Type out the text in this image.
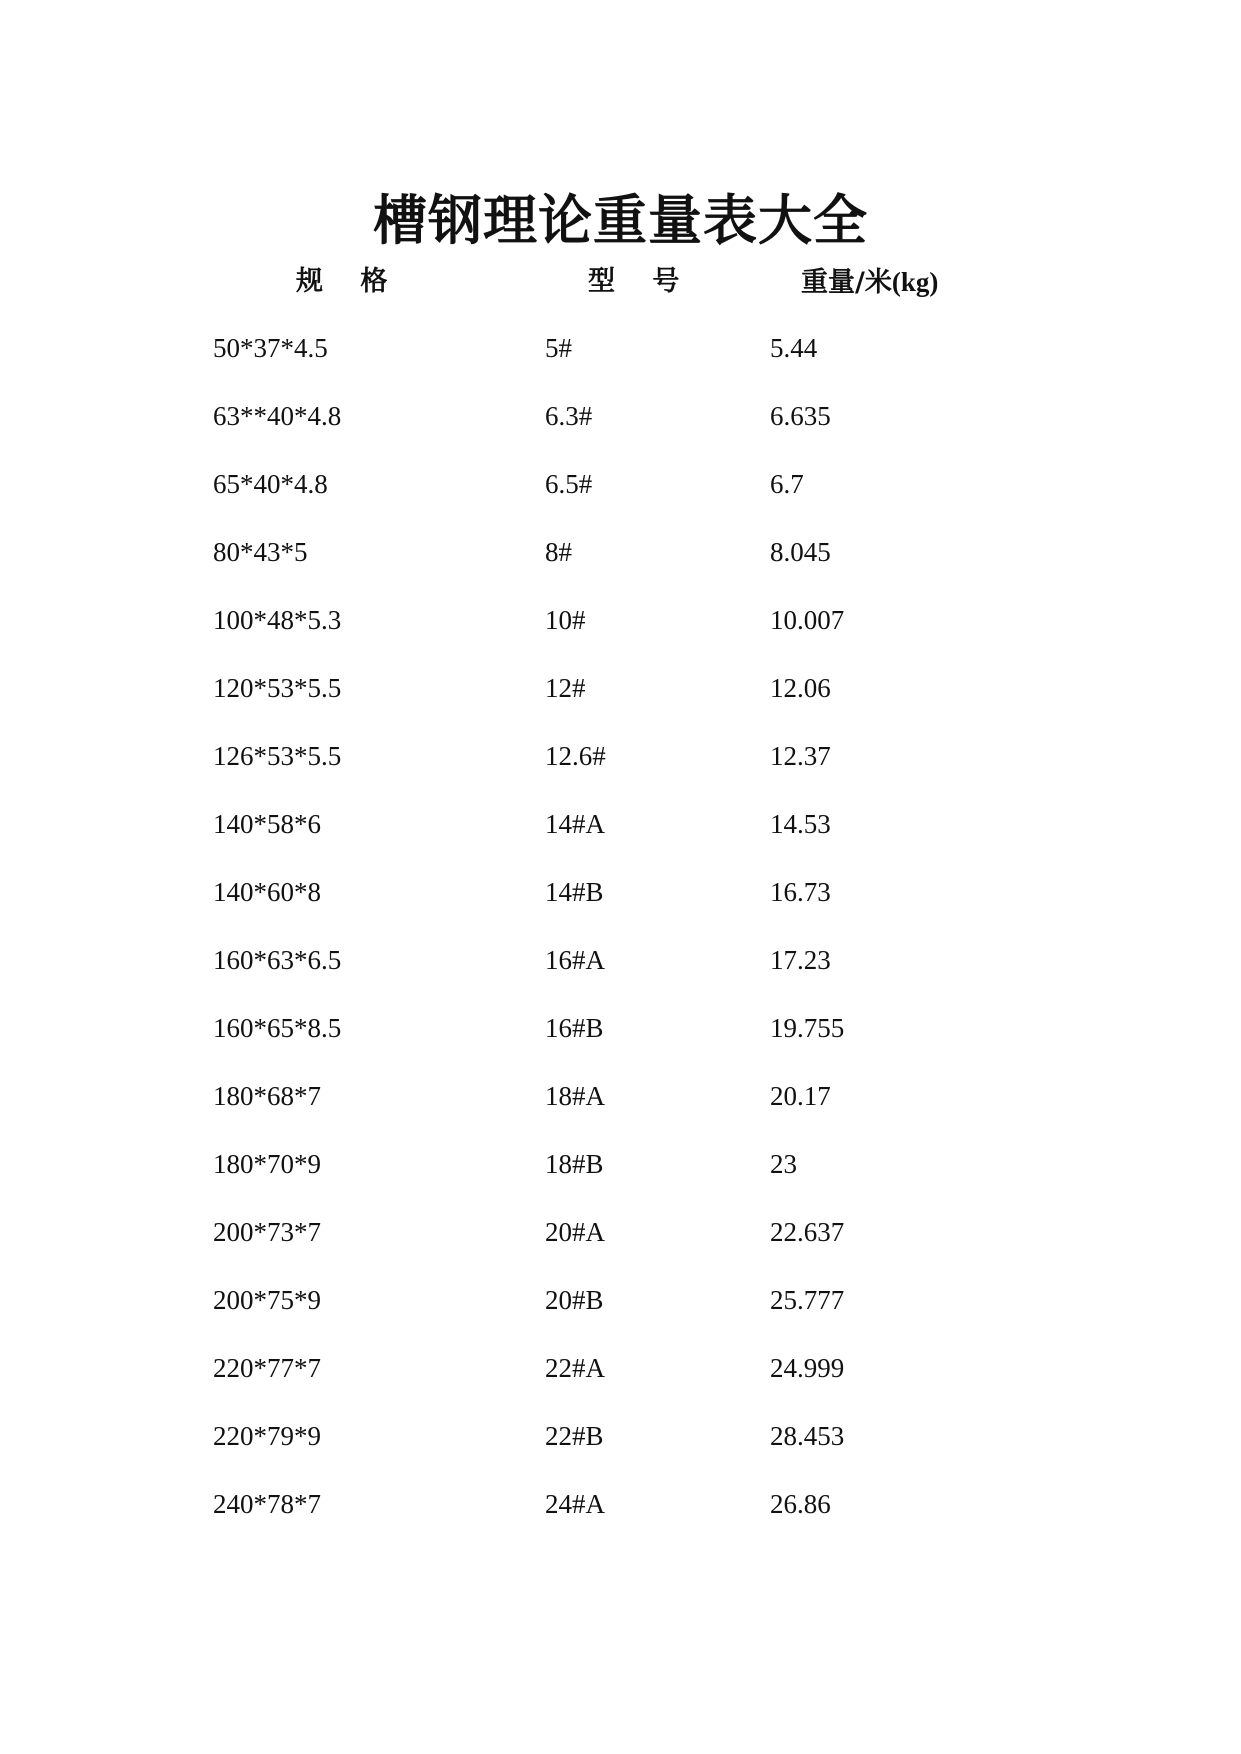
槽钢理论重量表大全
规 格	型 号	重量/米(kg)
50*37*4.5	5#	5.44
63**40*4.8	6.3#	6.635
65*40*4.8	6.5#	6.7
80*43*5	8#	8.045
100*48*5.3	10#	10.007
120*53*5.5	12#	12.06
126*53*5.5	12.6#	12.37
140*58*6	14#A	14.53
140*60*8	14#B	16.73
160*63*6.5	16#A	17.23
160*65*8.5	16#B	19.755
180*68*7	18#A	20.17
180*70*9	18#B	23
200*73*7	20#A	22.637
200*75*9	20#B	25.777
220*77*7	22#A	24.999
220*79*9	22#B	28.453
240*78*7	24#A	26.86
